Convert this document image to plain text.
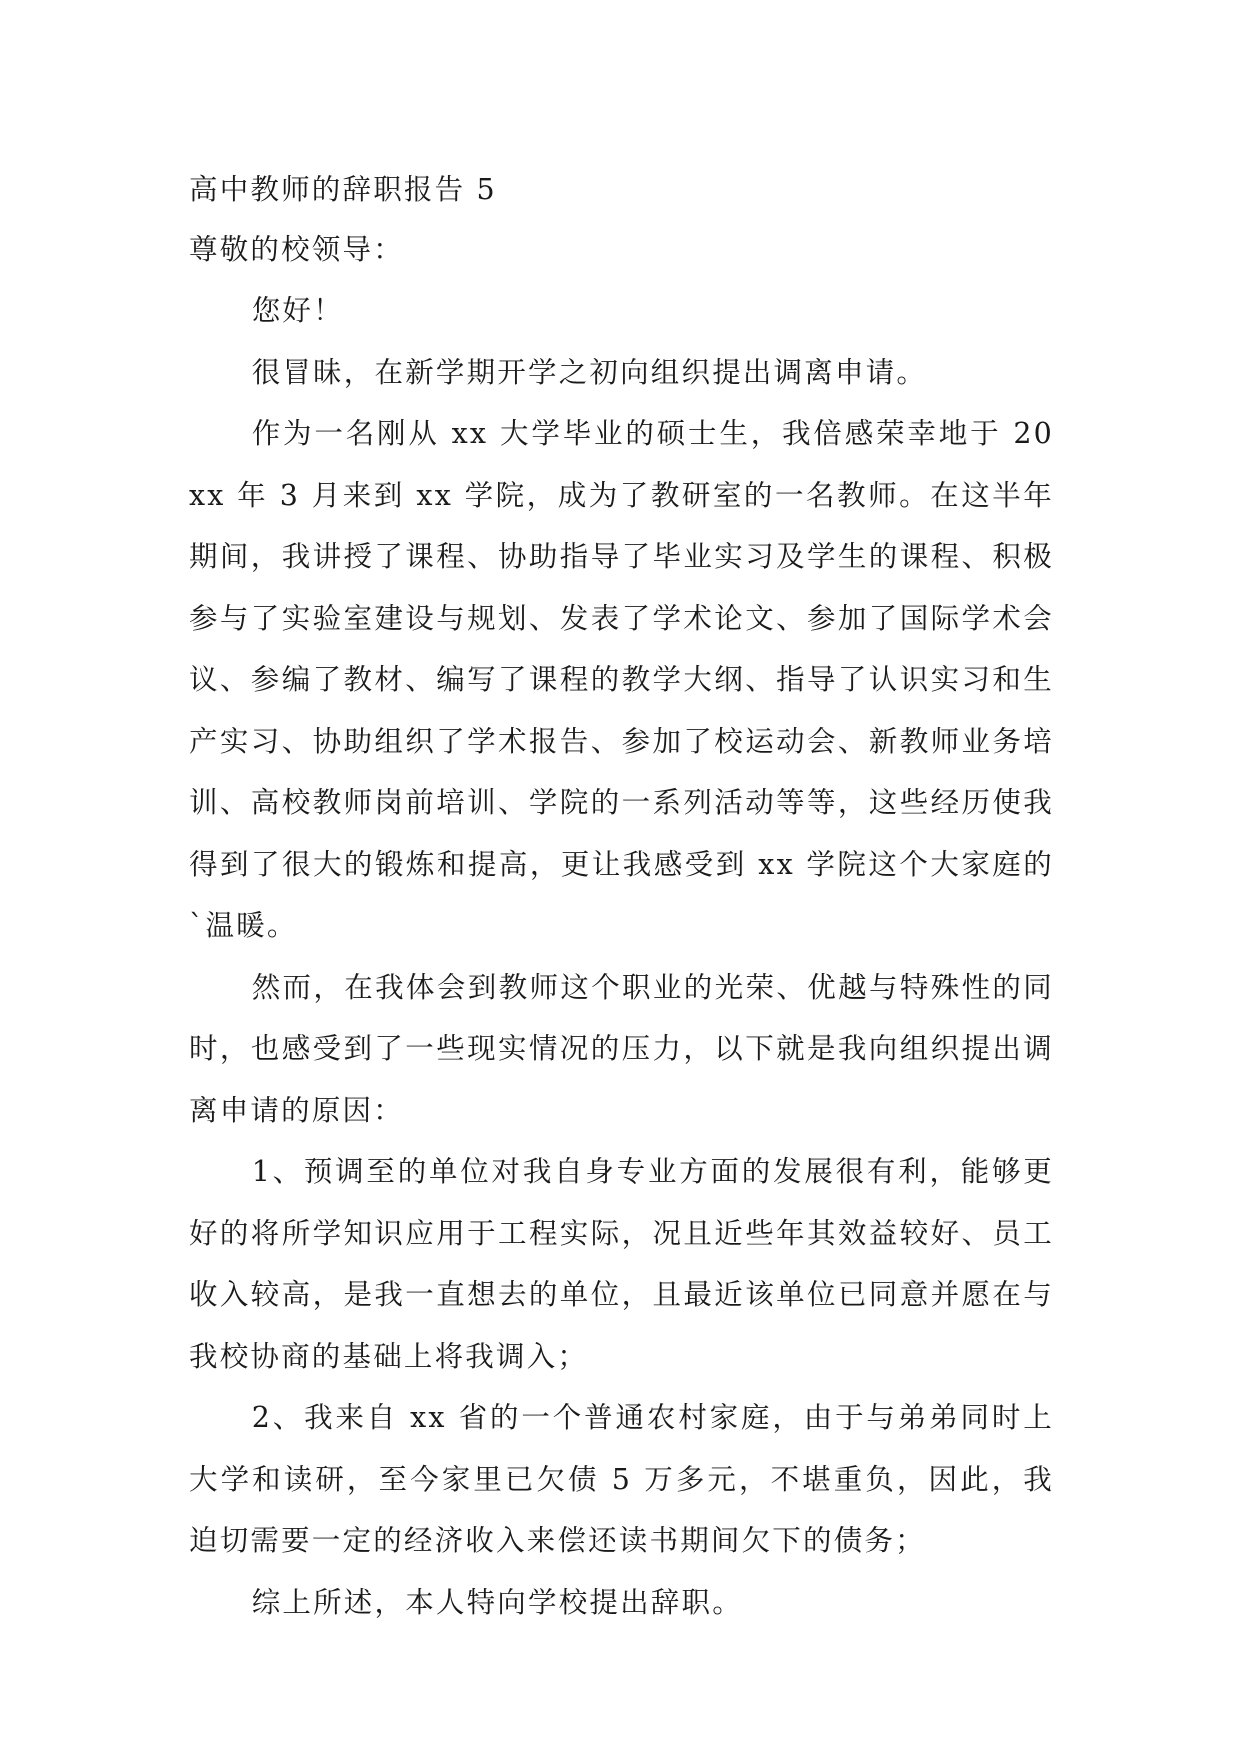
高中教师的辞职报告 5

尊敬的校领导：

您好！

很冒昧，在新学期开学之初向组织提出调离申请。

作为一名刚从 xx 大学毕业的硕士生，我倍感荣幸地于 20xx 年 3 月来到 xx 学院，成为了教研室的一名教师。在这半年期间，我讲授了课程、协助指导了毕业实习及学生的课程、积极参与了实验室建设与规划、发表了学术论文、参加了国际学术会议、参编了教材、编写了课程的教学大纲、指导了认识实习和生产实习、协助组织了学术报告、参加了校运动会、新教师业务培训、高校教师岗前培训、学院的一系列活动等等，这些经历使我得到了很大的锻炼和提高，更让我感受到 xx 学院这个大家庭的`温暖。

然而，在我体会到教师这个职业的光荣、优越与特殊性的同时，也感受到了一些现实情况的压力，以下就是我向组织提出调离申请的原因：

1、预调至的单位对我自身专业方面的发展很有利，能够更好的将所学知识应用于工程实际，况且近些年其效益较好、员工收入较高，是我一直想去的单位，且最近该单位已同意并愿在与我校协商的基础上将我调入；

2、我来自 xx 省的一个普通农村家庭，由于与弟弟同时上大学和读研，至今家里已欠债 5 万多元，不堪重负，因此，我迫切需要一定的经济收入来偿还读书期间欠下的债务；

综上所述，本人特向学校提出辞职。
